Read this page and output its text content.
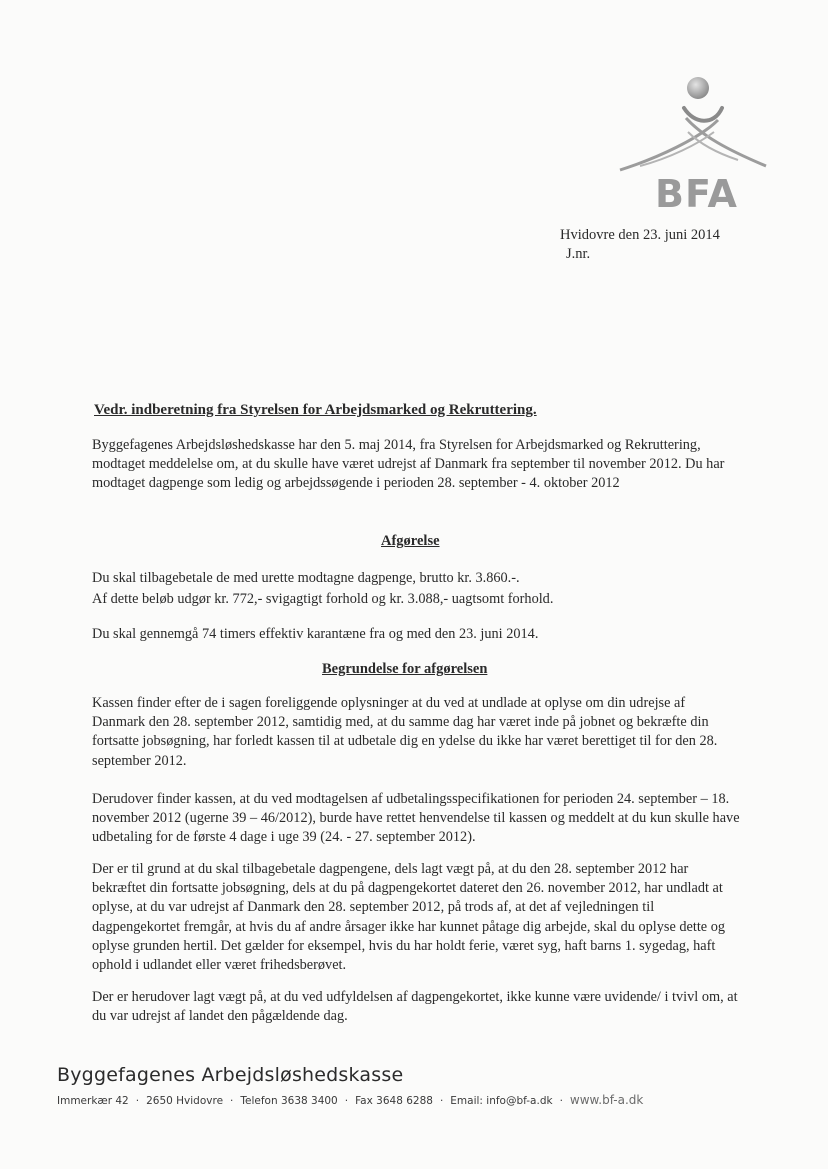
BFA
Hvidovre den 23. juni 2014
J.nr.
Vedr. indberetning fra Styrelsen for Arbejdsmarked og Rekruttering.

Byggefagenes Arbejdsløshedskasse har den 5. maj 2014, fra Styrelsen for Arbejdsmarked og Rekruttering, modtaget meddelelse om, at du skulle have været udrejst af Danmark fra september til november 2012. Du har modtaget dagpenge som ledig og arbejdssøgende i perioden 28. september - 4. oktober 2012

Afgørelse

Du skal tilbagebetale de med urette modtagne dagpenge, brutto kr. 3.860.-.

Af dette beløb udgør kr. 772,- svigagtigt forhold og kr. 3.088,- uagtsomt forhold.

Du skal gennemgå 74 timers effektiv karantæne fra og med den 23. juni 2014.

Begrundelse for afgørelsen

Kassen finder efter de i sagen foreliggende oplysninger at du ved at undlade at oplyse om din udrejse af Danmark den 28. september 2012, samtidig med, at du samme dag har været inde på jobnet og bekræfte din fortsatte jobsøgning, har forledt kassen til at udbetale dig en ydelse du ikke har været berettiget til for den 28. september 2012.

Derudover finder kassen, at du ved modtagelsen af udbetalingsspecifikationen for perioden 24. september – 18. november 2012 (ugerne 39 – 46/2012), burde have rettet henvendelse til kassen og meddelt at du kun skulle have udbetaling for de første 4 dage i uge 39 (24. - 27. september 2012).

Der er til grund at du skal tilbagebetale dagpengene, dels lagt vægt på, at du den 28. september 2012 har bekræftet din fortsatte jobsøgning, dels at du på dagpengekortet dateret den 26. november 2012, har undladt at oplyse, at du var udrejst af Danmark den 28. september 2012, på trods af, at det af vejledningen til dagpengekortet fremgår, at hvis du af andre årsager ikke har kunnet påtage dig arbejde, skal du oplyse dette og oplyse grunden hertil. Det gælder for eksempel, hvis du har holdt ferie, været syg, haft barns 1. sygedag, haft ophold i udlandet eller været frihedsberøvet.

Der er herudover lagt vægt på, at du ved udfyldelsen af dagpengekortet, ikke kunne være uvidende/ i tvivl om, at du var udrejst af landet den pågældende dag.

Byggefagenes Arbejdsløshedskasse
Immerkær 42 · 2650 Hvidovre · Telefon 3638 3400 · Fax 3648 6288 · Email: info@bf-a.dk · www.bf-a.dk
